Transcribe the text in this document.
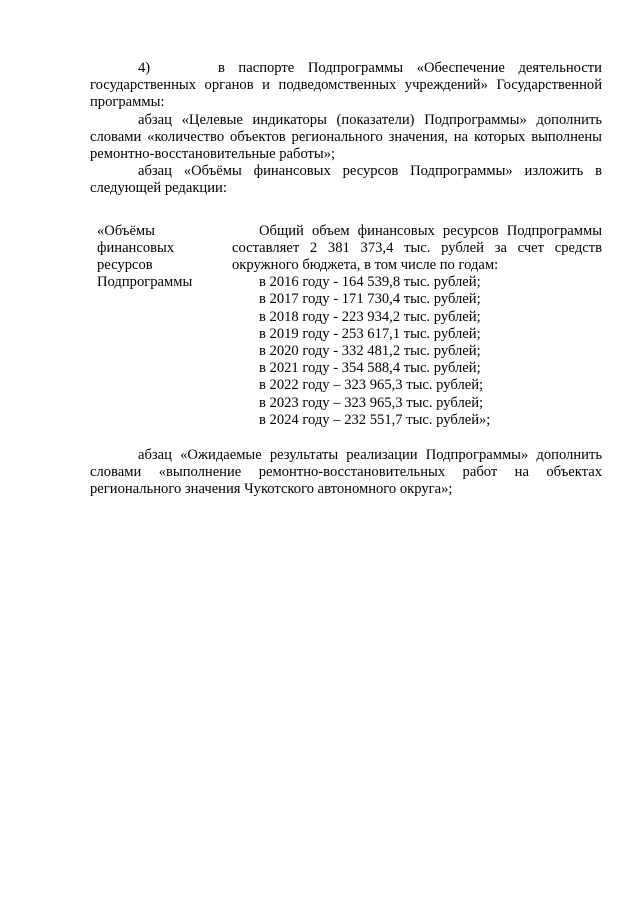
4)     в паспорте Подпрограммы «Обеспечение деятельности государственных органов и подведомственных учреждений» Государственной программы:

абзац «Целевые индикаторы (показатели) Подпрограммы» дополнить словами «количество объектов регионального значения, на которых выполнены ремонтно-восстановительные работы»;

абзац «Объёмы финансовых ресурсов Подпрограммы» изложить в следующей редакции:

«Объёмы
финансовых
ресурсов
Подпрограммы

Общий объем финансовых ресурсов Подпрограммы составляет 2 381 373,4 тыс. рублей за счет средств окружного бюджета, в том числе по годам:

в 2016 году - 164 539,8 тыс. рублей;
в 2017 году - 171 730,4 тыс. рублей;
в 2018 году - 223 934,2 тыс. рублей;
в 2019 году - 253 617,1 тыс. рублей;
в 2020 году - 332 481,2 тыс. рублей;
в 2021 году - 354 588,4 тыс. рублей;
в 2022 году – 323 965,3 тыс. рублей;
в 2023 году – 323 965,3 тыс. рублей;
в 2024 году – 232 551,7 тыс. рублей»;

абзац «Ожидаемые результаты реализации Подпрограммы» дополнить словами «выполнение ремонтно-восстановительных работ на объектах регионального значения Чукотского автономного округа»;
